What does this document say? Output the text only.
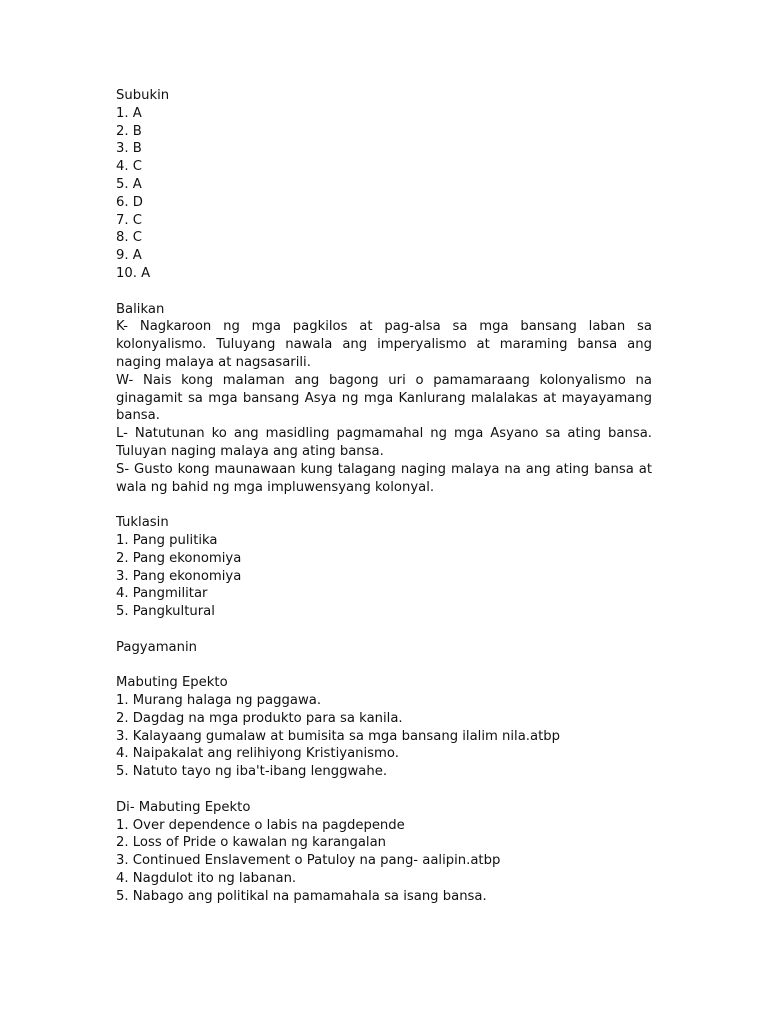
Subukin
1. A
2. B
3. B
4. C
5. A
6. D
7. C
8. C
9. A
10. A
Balikan
K- Nagkaroon ng mga pagkilos at pag-alsa sa mga bansang laban sa kolonyalismo. Tuluyang nawala ang imperyalismo at maraming bansa ang naging malaya at nagsasarili.
W- Nais kong malaman ang bagong uri o pamamaraang kolonyalismo na ginagamit sa mga bansang Asya ng mga Kanlurang malalakas at mayayamang bansa.
L- Natutunan ko ang masidling pagmamahal ng mga Asyano sa ating bansa. Tuluyan naging malaya ang ating bansa.
S- Gusto kong maunawaan kung talagang naging malaya na ang ating bansa at wala ng bahid ng mga impluwensyang kolonyal.
Tuklasin
1. Pang pulitika
2. Pang ekonomiya
3. Pang ekonomiya
4. Pangmilitar
5. Pangkultural
Pagyamanin
Mabuting Epekto
1. Murang halaga ng paggawa.
2. Dagdag na mga produkto para sa kanila.
3. Kalayaang gumalaw at bumisita sa mga bansang ilalim nila.atbp
4. Naipakalat ang relihiyong Kristiyanismo.
5. Natuto tayo ng iba't-ibang lenggwahe.
Di- Mabuting Epekto
1. Over dependence o labis na pagdepende
2. Loss of Pride o kawalan ng karangalan
3. Continued Enslavement o Patuloy na pang- aalipin.atbp
4. Nagdulot ito ng labanan.
5. Nabago ang politikal na pamamahala sa isang bansa.
